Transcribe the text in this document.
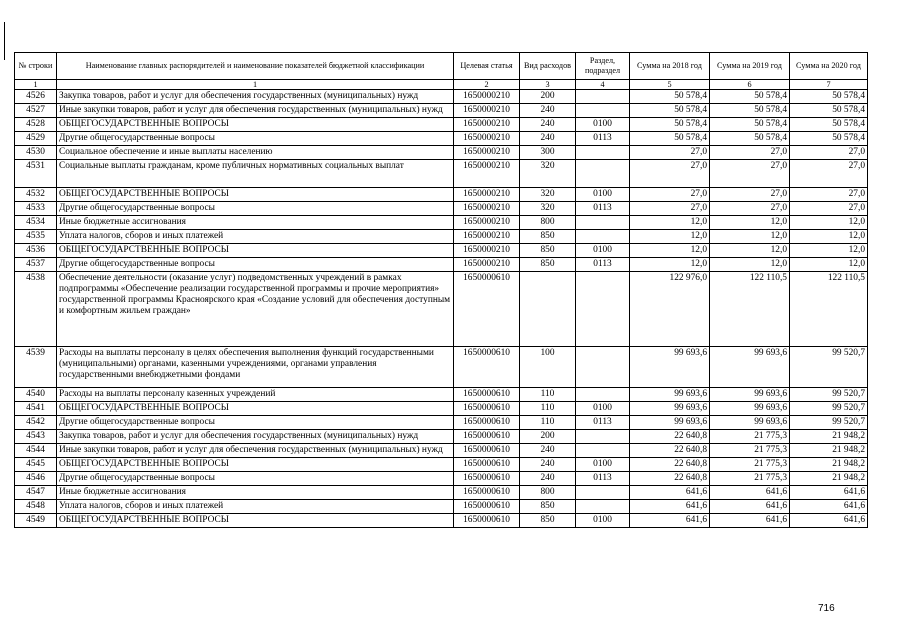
№ строки	Наименование главных распорядителей и наименование показателей бюджетной классификации	Целевая статья	Вид расходов	Раздел, подраздел	Сумма на 2018 год	Сумма на 2019 год	Сумма на 2020 год
1	1	2	3	4	5	6	7
4526	Закупка товаров, работ и услуг для обеспечения государственных (муниципальных) нужд	1650000210	200		50 578,4	50 578,4	50 578,4
4527	Иные закупки товаров, работ и услуг для обеспечения государственных (муниципальных) нужд	1650000210	240		50 578,4	50 578,4	50 578,4
4528	ОБЩЕГОСУДАРСТВЕННЫЕ ВОПРОСЫ	1650000210	240	0100	50 578,4	50 578,4	50 578,4
4529	Другие общегосударственные вопросы	1650000210	240	0113	50 578,4	50 578,4	50 578,4
4530	Социальное обеспечение и иные выплаты населению	1650000210	300		27,0	27,0	27,0
4531	Социальные выплаты гражданам, кроме публичных нормативных социальных выплат	1650000210	320		27,0	27,0	27,0
4532	ОБЩЕГОСУДАРСТВЕННЫЕ ВОПРОСЫ	1650000210	320	0100	27,0	27,0	27,0
4533	Другие общегосударственные вопросы	1650000210	320	0113	27,0	27,0	27,0
4534	Иные бюджетные ассигнования	1650000210	800		12,0	12,0	12,0
4535	Уплата налогов, сборов и иных платежей	1650000210	850		12,0	12,0	12,0
4536	ОБЩЕГОСУДАРСТВЕННЫЕ ВОПРОСЫ	1650000210	850	0100	12,0	12,0	12,0
4537	Другие общегосударственные вопросы	1650000210	850	0113	12,0	12,0	12,0
4538	Обеспечение деятельности (оказание услуг) подведомственных учреждений в рамках подпрограммы «Обеспечение реализации государственной программы и прочие мероприятия» государственной программы Красноярского края «Создание условий для обеспечения доступным и комфортным жильем граждан»	1650000610			122 976,0	122 110,5	122 110,5
4539	Расходы на выплаты персоналу в целях обеспечения выполнения функций государственными (муниципальными) органами, казенными учреждениями, органами управления государственными внебюджетными фондами	1650000610	100		99 693,6	99 693,6	99 520,7
4540	Расходы на выплаты персоналу казенных учреждений	1650000610	110		99 693,6	99 693,6	99 520,7
4541	ОБЩЕГОСУДАРСТВЕННЫЕ ВОПРОСЫ	1650000610	110	0100	99 693,6	99 693,6	99 520,7
4542	Другие общегосударственные вопросы	1650000610	110	0113	99 693,6	99 693,6	99 520,7
4543	Закупка товаров, работ и услуг для обеспечения государственных (муниципальных) нужд	1650000610	200		22 640,8	21 775,3	21 948,2
4544	Иные закупки товаров, работ и услуг для обеспечения государственных (муниципальных) нужд	1650000610	240		22 640,8	21 775,3	21 948,2
4545	ОБЩЕГОСУДАРСТВЕННЫЕ ВОПРОСЫ	1650000610	240	0100	22 640,8	21 775,3	21 948,2
4546	Другие общегосударственные вопросы	1650000610	240	0113	22 640,8	21 775,3	21 948,2
4547	Иные бюджетные ассигнования	1650000610	800		641,6	641,6	641,6
4548	Уплата налогов, сборов и иных платежей	1650000610	850		641,6	641,6	641,6
4549	ОБЩЕГОСУДАРСТВЕННЫЕ ВОПРОСЫ	1650000610	850	0100	641,6	641,6	641,6
716
